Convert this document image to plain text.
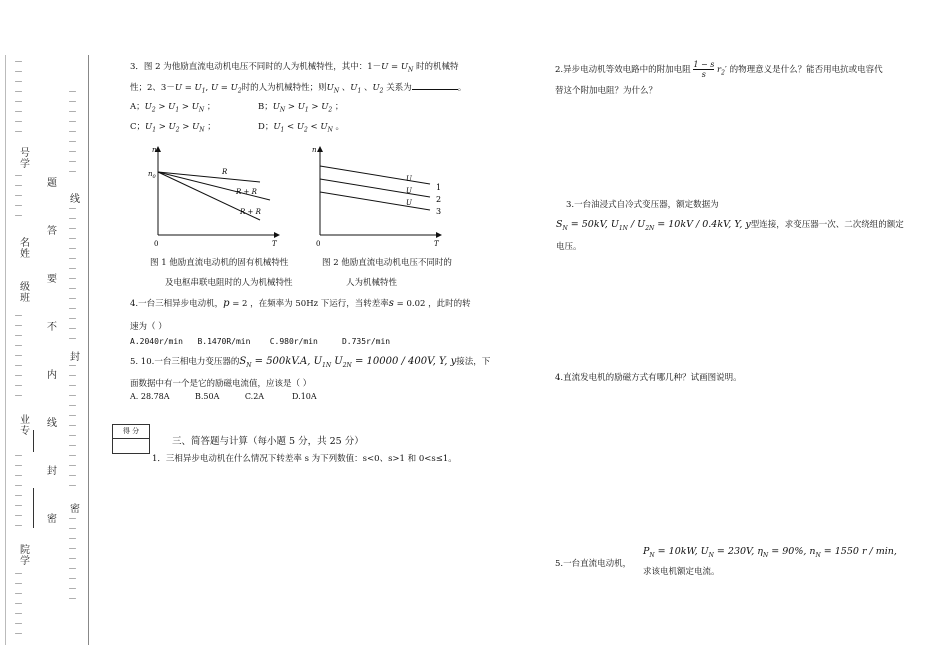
－
－
－
－
－
－
－
－

号学
－
－
－
－
－

名姓
级班
－
－
－
－
－
－
－
－
－

业专
－
－
－
－
－
－
－
－

院学
－
－
－
－
－
－
－

题
答
要
不
内
线
封
密
－
－
－
－
－
－
－
－
－

线
－
－
－
－
－
－
－
－
－
－
－
－
－
－

封
－
－
－
－
－
－
－
－
－
－
－
－
－

密
－
－
－
－
－
－
－
－
－

3．图 2 为他励直流电动机电压不同时的人为机械特性，其中：$1-U = U_N$ 时的机械特
性；2、$3-U = U_1$, $U = U_2$时的人为机械特性；则$U_N$ 、$U_1$ 、$U_2$ 关系为	。
A；$U_2 > U_1 > U_N$ ；	B；$U_N > U_1 > U_2$ ；
C；$U_1 > U_2 > U_N$ ；	D；$U_1 < U_2 < U_N$ 。
$n_0$
n
0	T
R
R + R
R + R
n
0	T
U
U
U
1
2
3
图 1 他励直流电动机的固有机械特性	图 2 他励直流电动机电压不同时的
及电枢串联电阻时的人为机械特性	人为机械特性
4.一台三相异步电动机，p = 2 ，在频率为 50Hz 下运行，当转差率s = 0.02 ，此时的转
速为（ ）
A.2040r/min B.1470R/min C.980r/min	D.735r/min
5. 10.一台三相电力变压器的$S_N = 500kV.A$, $U_{1N}$ $U_{2N} = 10000 / 400V$, Y, y接法，下
面数据中有一个是它的励磁电流值，应该是（ ）
A. 28.78A	B.50A	C.2A	D.10A
得 分
三、简答题与计算（每小题 5 分，共 25 分）
1．三相异步电动机在什么情况下转差率 s 为下列数值：s<0、s>1 和 0<s≤1。
2.异步电动机等效电路中的附加电阻 $\frac{1 - s}{s} r_2'$ 的物理意义是什么？能否用电抗或电容代
替这个附加电阻？为什么？
3.一台油浸式自冷式变压器，额定数据为
$S_N = 50kV$, $U_{1N} / U_{2N} = 10kV / 0.4kV$, Y, y型连接，求变压器一次、二次绕组的额定
电压。
4.直流发电机的励磁方式有哪几种？试画图说明。
5.一台直流电动机，
$P_N = 10kW$, $U_N = 230V$, $\eta_N = 90\%$, $n_N = 1550$ r / min,
求该电机额定电流。
